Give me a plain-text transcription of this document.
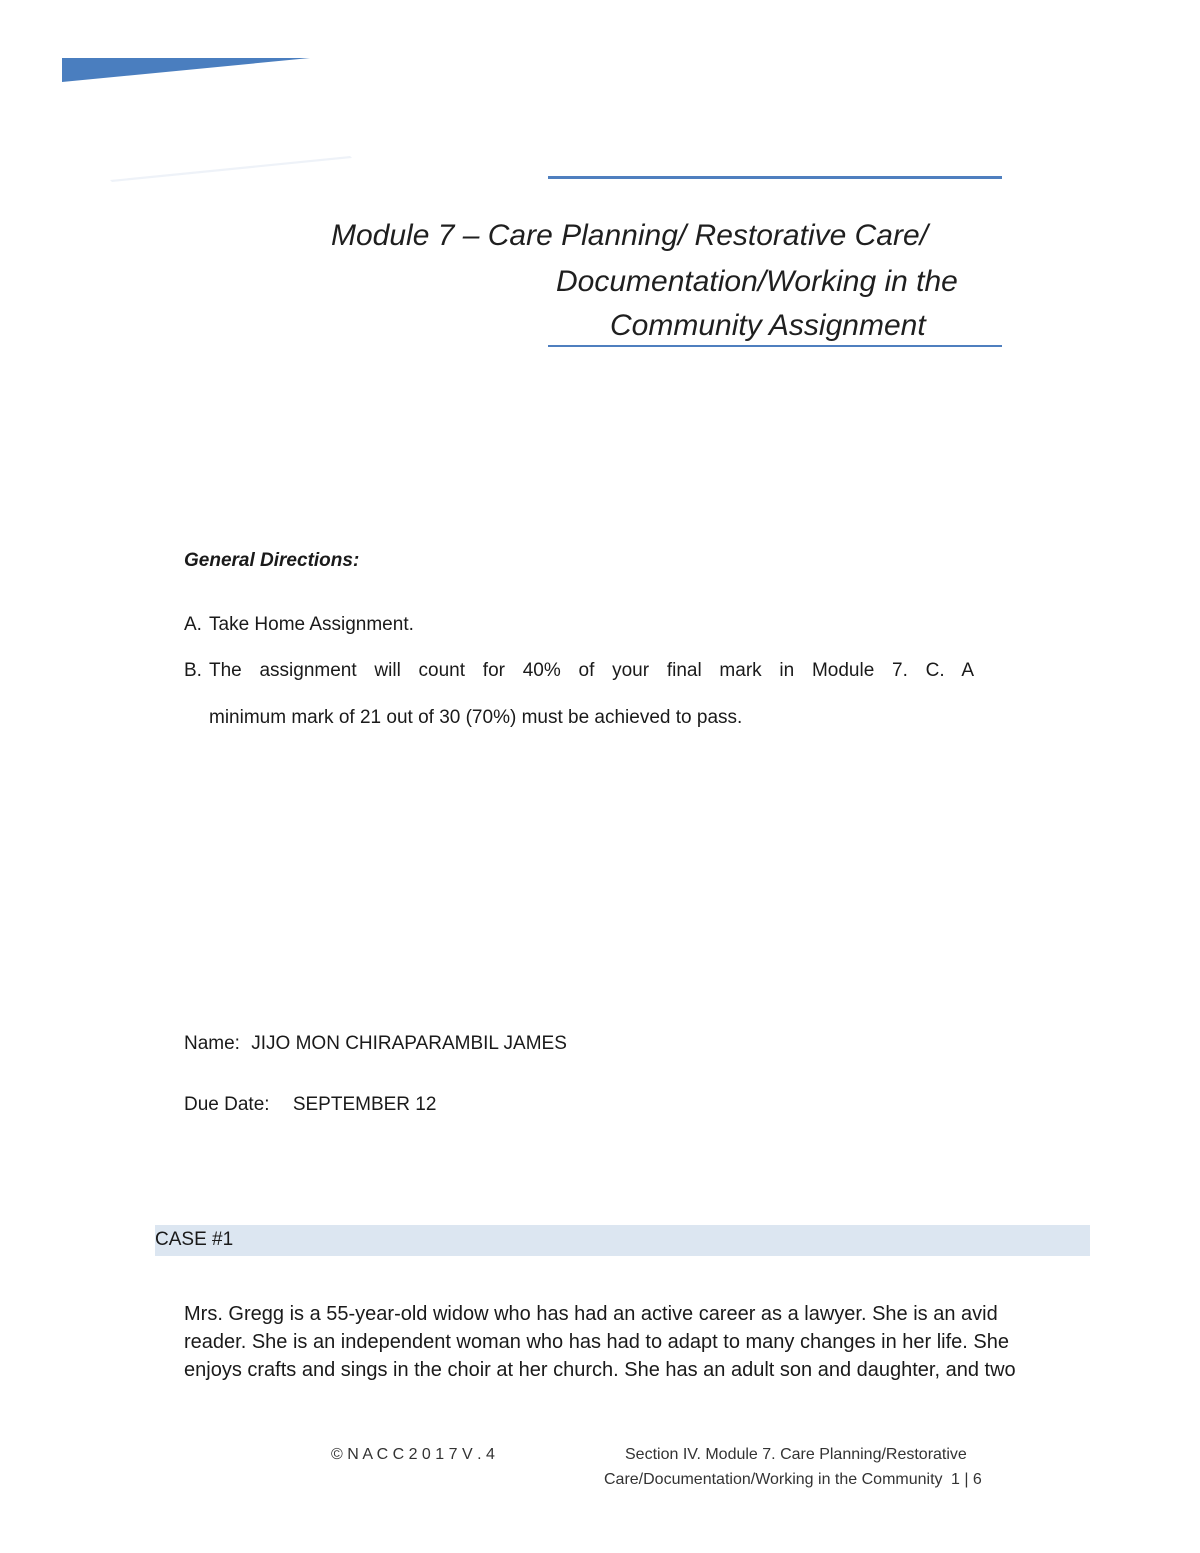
Module 7 – Care Planning/ Restorative Care/
Documentation/Working in the
Community Assignment
General Directions:
A. Take Home Assignment.
B. The assignment will count for 40% of your final mark in Module 7. C. A
minimum mark of 21 out of 30 (70%) must be achieved to pass.
Name: JIJO MON CHIRAPARAMBIL JAMES
Due Date: SEPTEMBER 12
CASE #1
Mrs. Gregg is a 55-year-old widow who has had an active career as a lawyer. She is an avid
reader. She is an independent woman who has had to adapt to many changes in her life. She
enjoys crafts and sings in the choir at her church. She has an adult son and daughter, and two
© N A C C 2 0 1 7 V . 4	Section IV. Module 7. Care Planning/Restorative
Care/Documentation/Working in the Community 1 | 6
